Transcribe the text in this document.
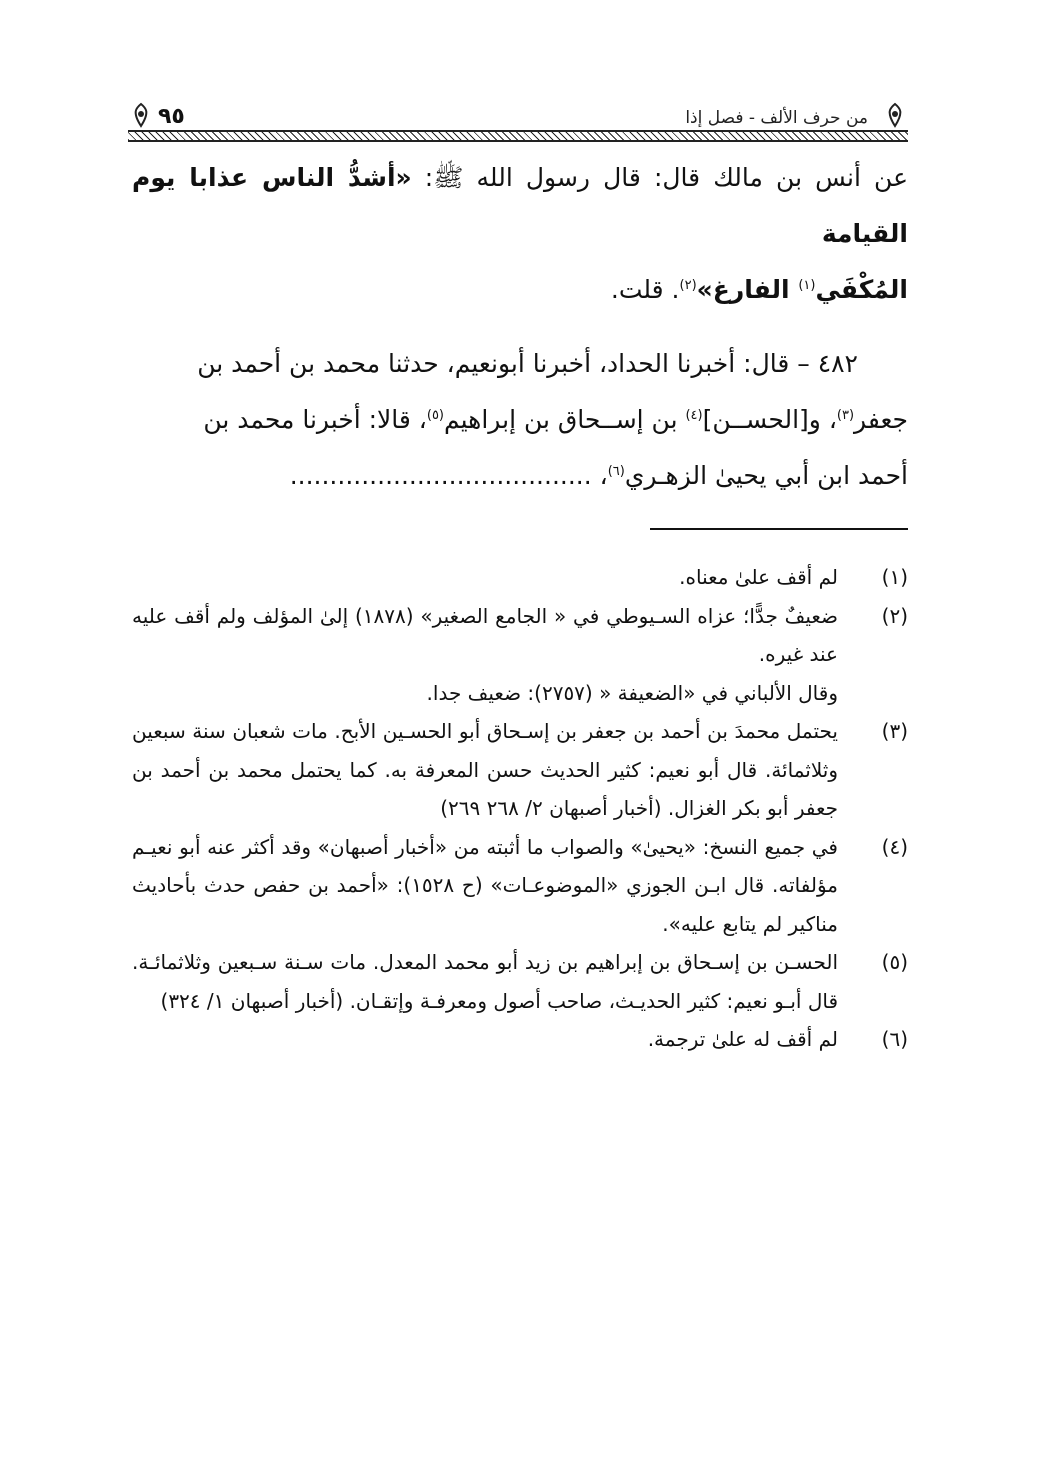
من حرف الألف - فصل إذا
٩٥

عن أنس بن مالك قال: قال رسول الله ﷺ: «أشدُّ الناس عذابا يوم القيامة
المُكْفَي$^{(١)}$ الفارغ»$^{(٢)}$. قلت.

٤٨٢ – قال: أخبرنا الحداد، أخبرنا أبونعيم، حدثنا محمد بن أحمد بن
جعفر$^{(٣)}$، و[الحســن]$^{(٤)}$ بن إســحاق بن إبراهيم$^{(٥)}$، قالا: أخبرنا محمد بن
أحمد ابن أبي يحيىٰ الزهـري$^{(٦)}$، ......................................

(١)

لم أقف علىٰ معناه.

(٢)

ضعيفٌ جدًّا؛ عزاه السـيوطي في « الجامع الصغير» (١٨٧٨) إلىٰ المؤلف ولم أقف عليه عند غيره.

وقال الألباني في «الضعيفة « (٢٧٥٧): ضعيف جدا.

(٣)

يحتمل محمدَ بن أحمد بن جعفر بن إسـحاق أبو الحسـين الأبح. مات شعبان سنة سبعين وثلاثمائة. قال أبو نعيم: كثير الحديث حسن المعرفة به. كما يحتمل محمد بن أحمد بن جعفر أبو بكر الغزال. (أخبار أصبهان ٢/ ٢٦٨ ٢٦٩)

(٤)

في جميع النسخ: «يحيىٰ» والصواب ما أثبته من «أخبار أصبهان» وقد أكثر عنه أبو نعيـم مؤلفاته. قال ابـن الجوزي «الموضوعـات» (ح ١٥٢٨): «أحمد بن حفص حدث بأحاديث مناكير لم يتابع عليه».

(٥)

الحسـن بن إسـحاق بن إبراهيم بن زيد أبو محمد المعدل. مات سـنة سـبعين وثلاثمائـة. قال أبـو نعيم: كثير الحديـث، صاحب أصول ومعرفـة وإتقـان. (أخبار أصبهان ١/ ٣٢٤)

(٦)

لم أقف له علىٰ ترجمة.
